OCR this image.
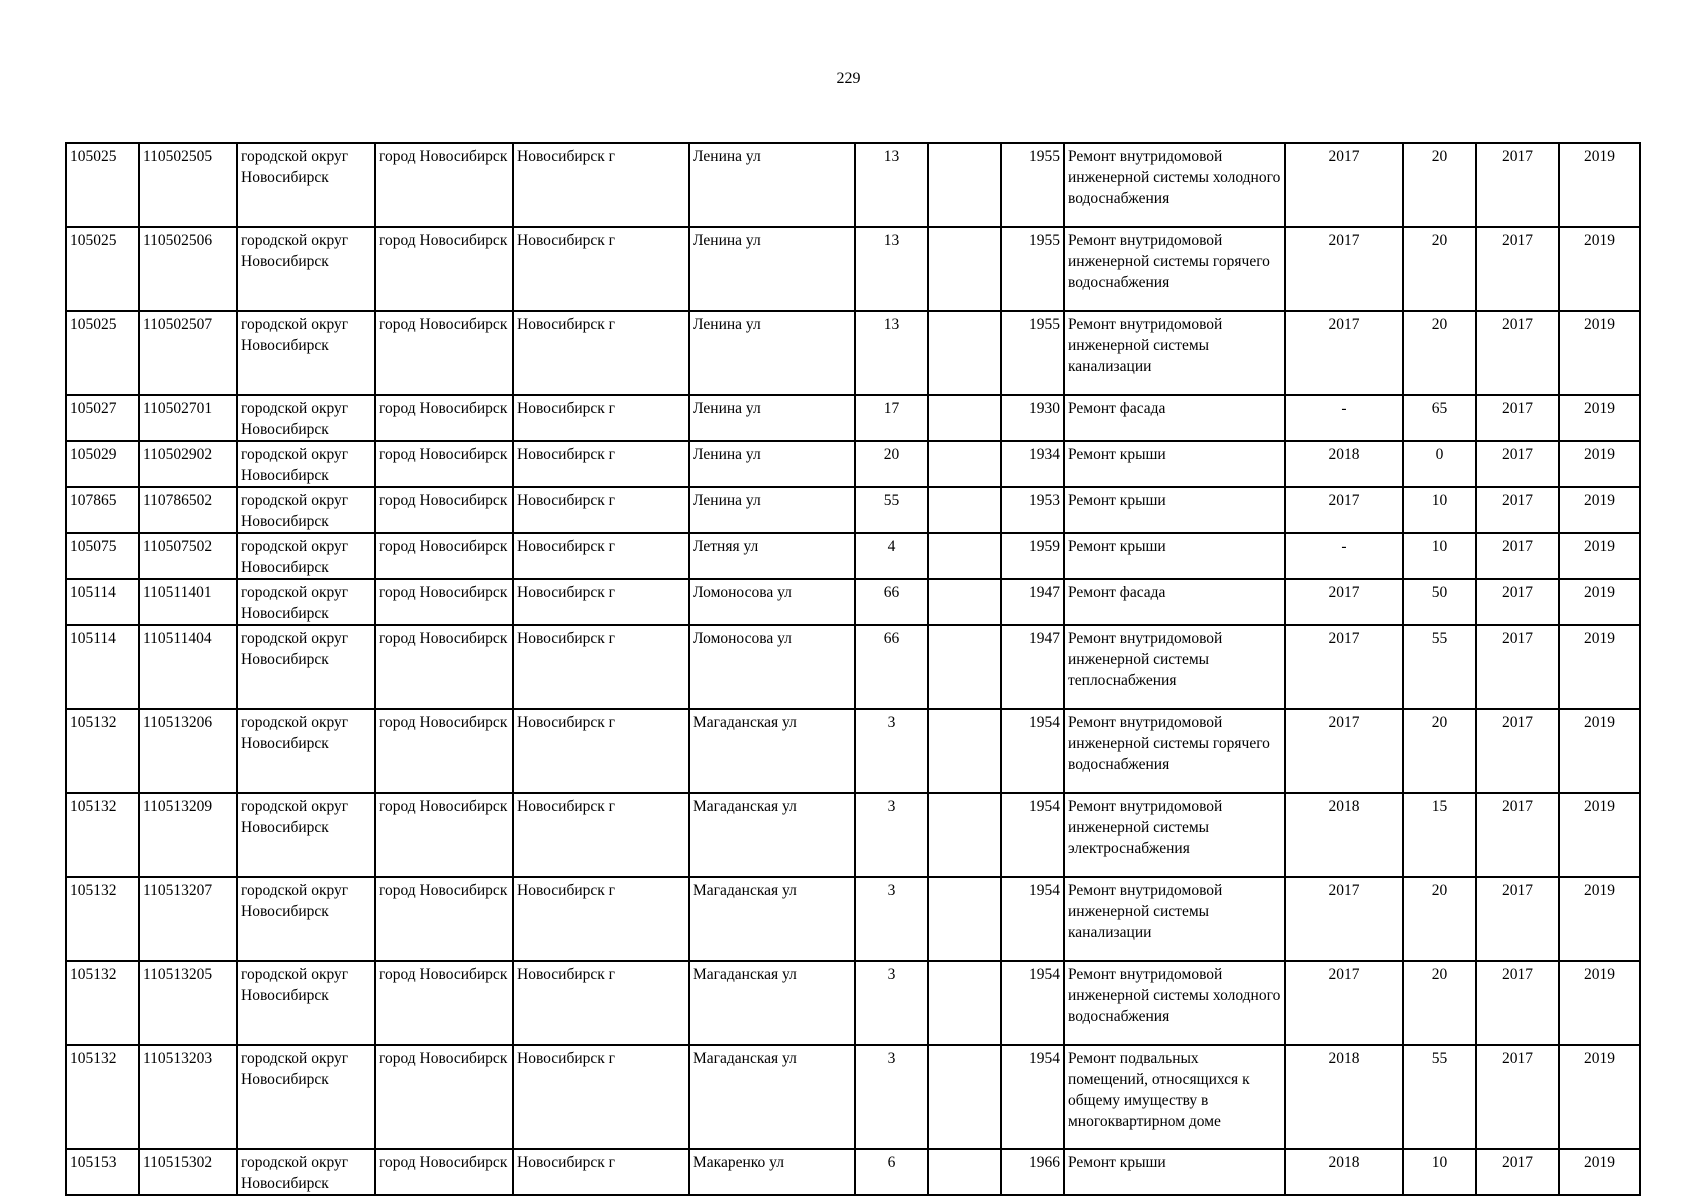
229
105025	110502505	городской округ Новосибирск	город Новосибирск	Новосибирск г	Ленина ул	13		1955	Ремонт внутридомовой инженерной системы холодного водоснабжения	2017	20	2017	2019
105025	110502506	городской округ Новосибирск	город Новосибирск	Новосибирск г	Ленина ул	13		1955	Ремонт внутридомовой инженерной системы горячего водоснабжения	2017	20	2017	2019
105025	110502507	городской округ Новосибирск	город Новосибирск	Новосибирск г	Ленина ул	13		1955	Ремонт внутридомовой инженерной системы канализации	2017	20	2017	2019
105027	110502701	городской округ Новосибирск	город Новосибирск	Новосибирск г	Ленина ул	17		1930	Ремонт фасада	-	65	2017	2019
105029	110502902	городской округ Новосибирск	город Новосибирск	Новосибирск г	Ленина ул	20		1934	Ремонт крыши	2018	0	2017	2019
107865	110786502	городской округ Новосибирск	город Новосибирск	Новосибирск г	Ленина ул	55		1953	Ремонт крыши	2017	10	2017	2019
105075	110507502	городской округ Новосибирск	город Новосибирск	Новосибирск г	Летняя ул	4		1959	Ремонт крыши	-	10	2017	2019
105114	110511401	городской округ Новосибирск	город Новосибирск	Новосибирск г	Ломоносова ул	66		1947	Ремонт фасада	2017	50	2017	2019
105114	110511404	городской округ Новосибирск	город Новосибирск	Новосибирск г	Ломоносова ул	66		1947	Ремонт внутридомовой инженерной системы теплоснабжения	2017	55	2017	2019
105132	110513206	городской округ Новосибирск	город Новосибирск	Новосибирск г	Магаданская ул	3		1954	Ремонт внутридомовой инженерной системы горячего водоснабжения	2017	20	2017	2019
105132	110513209	городской округ Новосибирск	город Новосибирск	Новосибирск г	Магаданская ул	3		1954	Ремонт внутридомовой инженерной системы электроснабжения	2018	15	2017	2019
105132	110513207	городской округ Новосибирск	город Новосибирск	Новосибирск г	Магаданская ул	3		1954	Ремонт внутридомовой инженерной системы канализации	2017	20	2017	2019
105132	110513205	городской округ Новосибирск	город Новосибирск	Новосибирск г	Магаданская ул	3		1954	Ремонт внутридомовой инженерной системы холодного водоснабжения	2017	20	2017	2019
105132	110513203	городской округ Новосибирск	город Новосибирск	Новосибирск г	Магаданская ул	3		1954	Ремонт подвальных помещений, относящихся к общему имуществу в многоквартирном доме	2018	55	2017	2019
105153	110515302	городской округ Новосибирск	город Новосибирск	Новосибирск г	Макаренко ул	6		1966	Ремонт крыши	2018	10	2017	2019
